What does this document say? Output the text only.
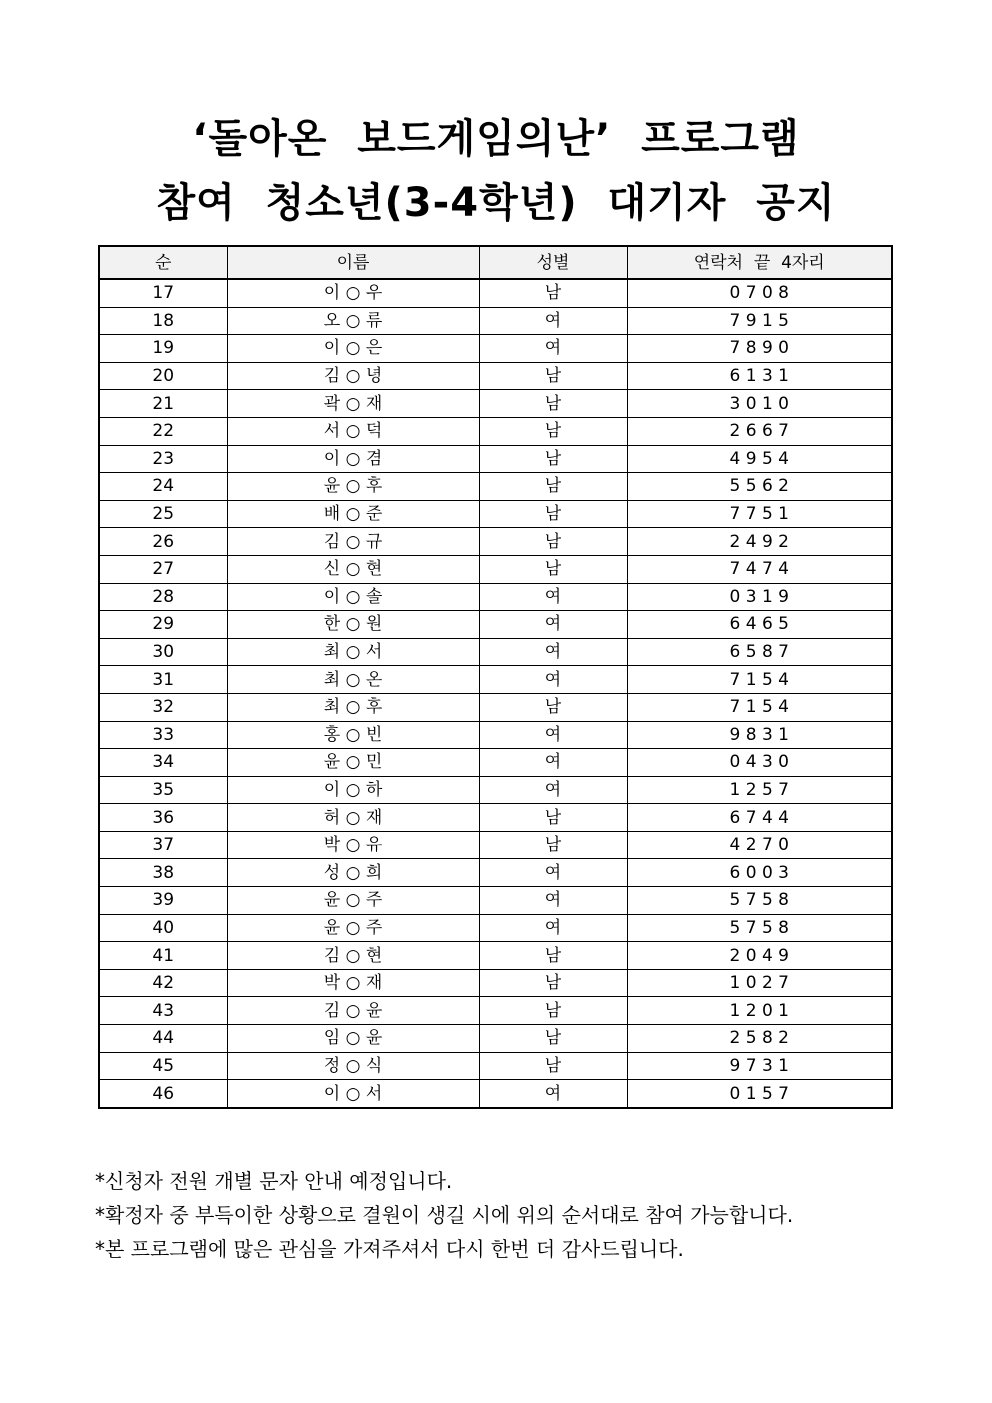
‘돌아온  보드게임의난’  프로그램
참여  청소년(3-4학년)  대기자  공지
순	이름	성별	연락처  끝  4자리
17	이 ○ 우	남	0 7 0 8
18	오 ○ 류	여	7 9 1 5
19	이 ○ 은	여	7 8 9 0
20	김 ○ 녕	남	6 1 3 1
21	곽 ○ 재	남	3 0 1 0
22	서 ○ 덕	남	2 6 6 7
23	이 ○ 겸	남	4 9 5 4
24	윤 ○ 후	남	5 5 6 2
25	배 ○ 준	남	7 7 5 1
26	김 ○ 규	남	2 4 9 2
27	신 ○ 현	남	7 4 7 4
28	이 ○ 솔	여	0 3 1 9
29	한 ○ 원	여	6 4 6 5
30	최 ○ 서	여	6 5 8 7
31	최 ○ 온	여	7 1 5 4
32	최 ○ 후	남	7 1 5 4
33	홍 ○ 빈	여	9 8 3 1
34	윤 ○ 민	여	0 4 3 0
35	이 ○ 하	여	1 2 5 7
36	허 ○ 재	남	6 7 4 4
37	박 ○ 유	남	4 2 7 0
38	성 ○ 희	여	6 0 0 3
39	윤 ○ 주	여	5 7 5 8
40	윤 ○ 주	여	5 7 5 8
41	김 ○ 현	남	2 0 4 9
42	박 ○ 재	남	1 0 2 7
43	김 ○ 윤	남	1 2 0 1
44	임 ○ 윤	남	2 5 8 2
45	정 ○ 식	남	9 7 3 1
46	이 ○ 서	여	0 1 5 7

*신청자 전원 개별 문자 안내 예정입니다.

*확정자 중 부득이한 상황으로 결원이 생길 시에 위의 순서대로 참여 가능합니다.

*본 프로그램에 많은 관심을 가져주셔서 다시 한번 더 감사드립니다.
